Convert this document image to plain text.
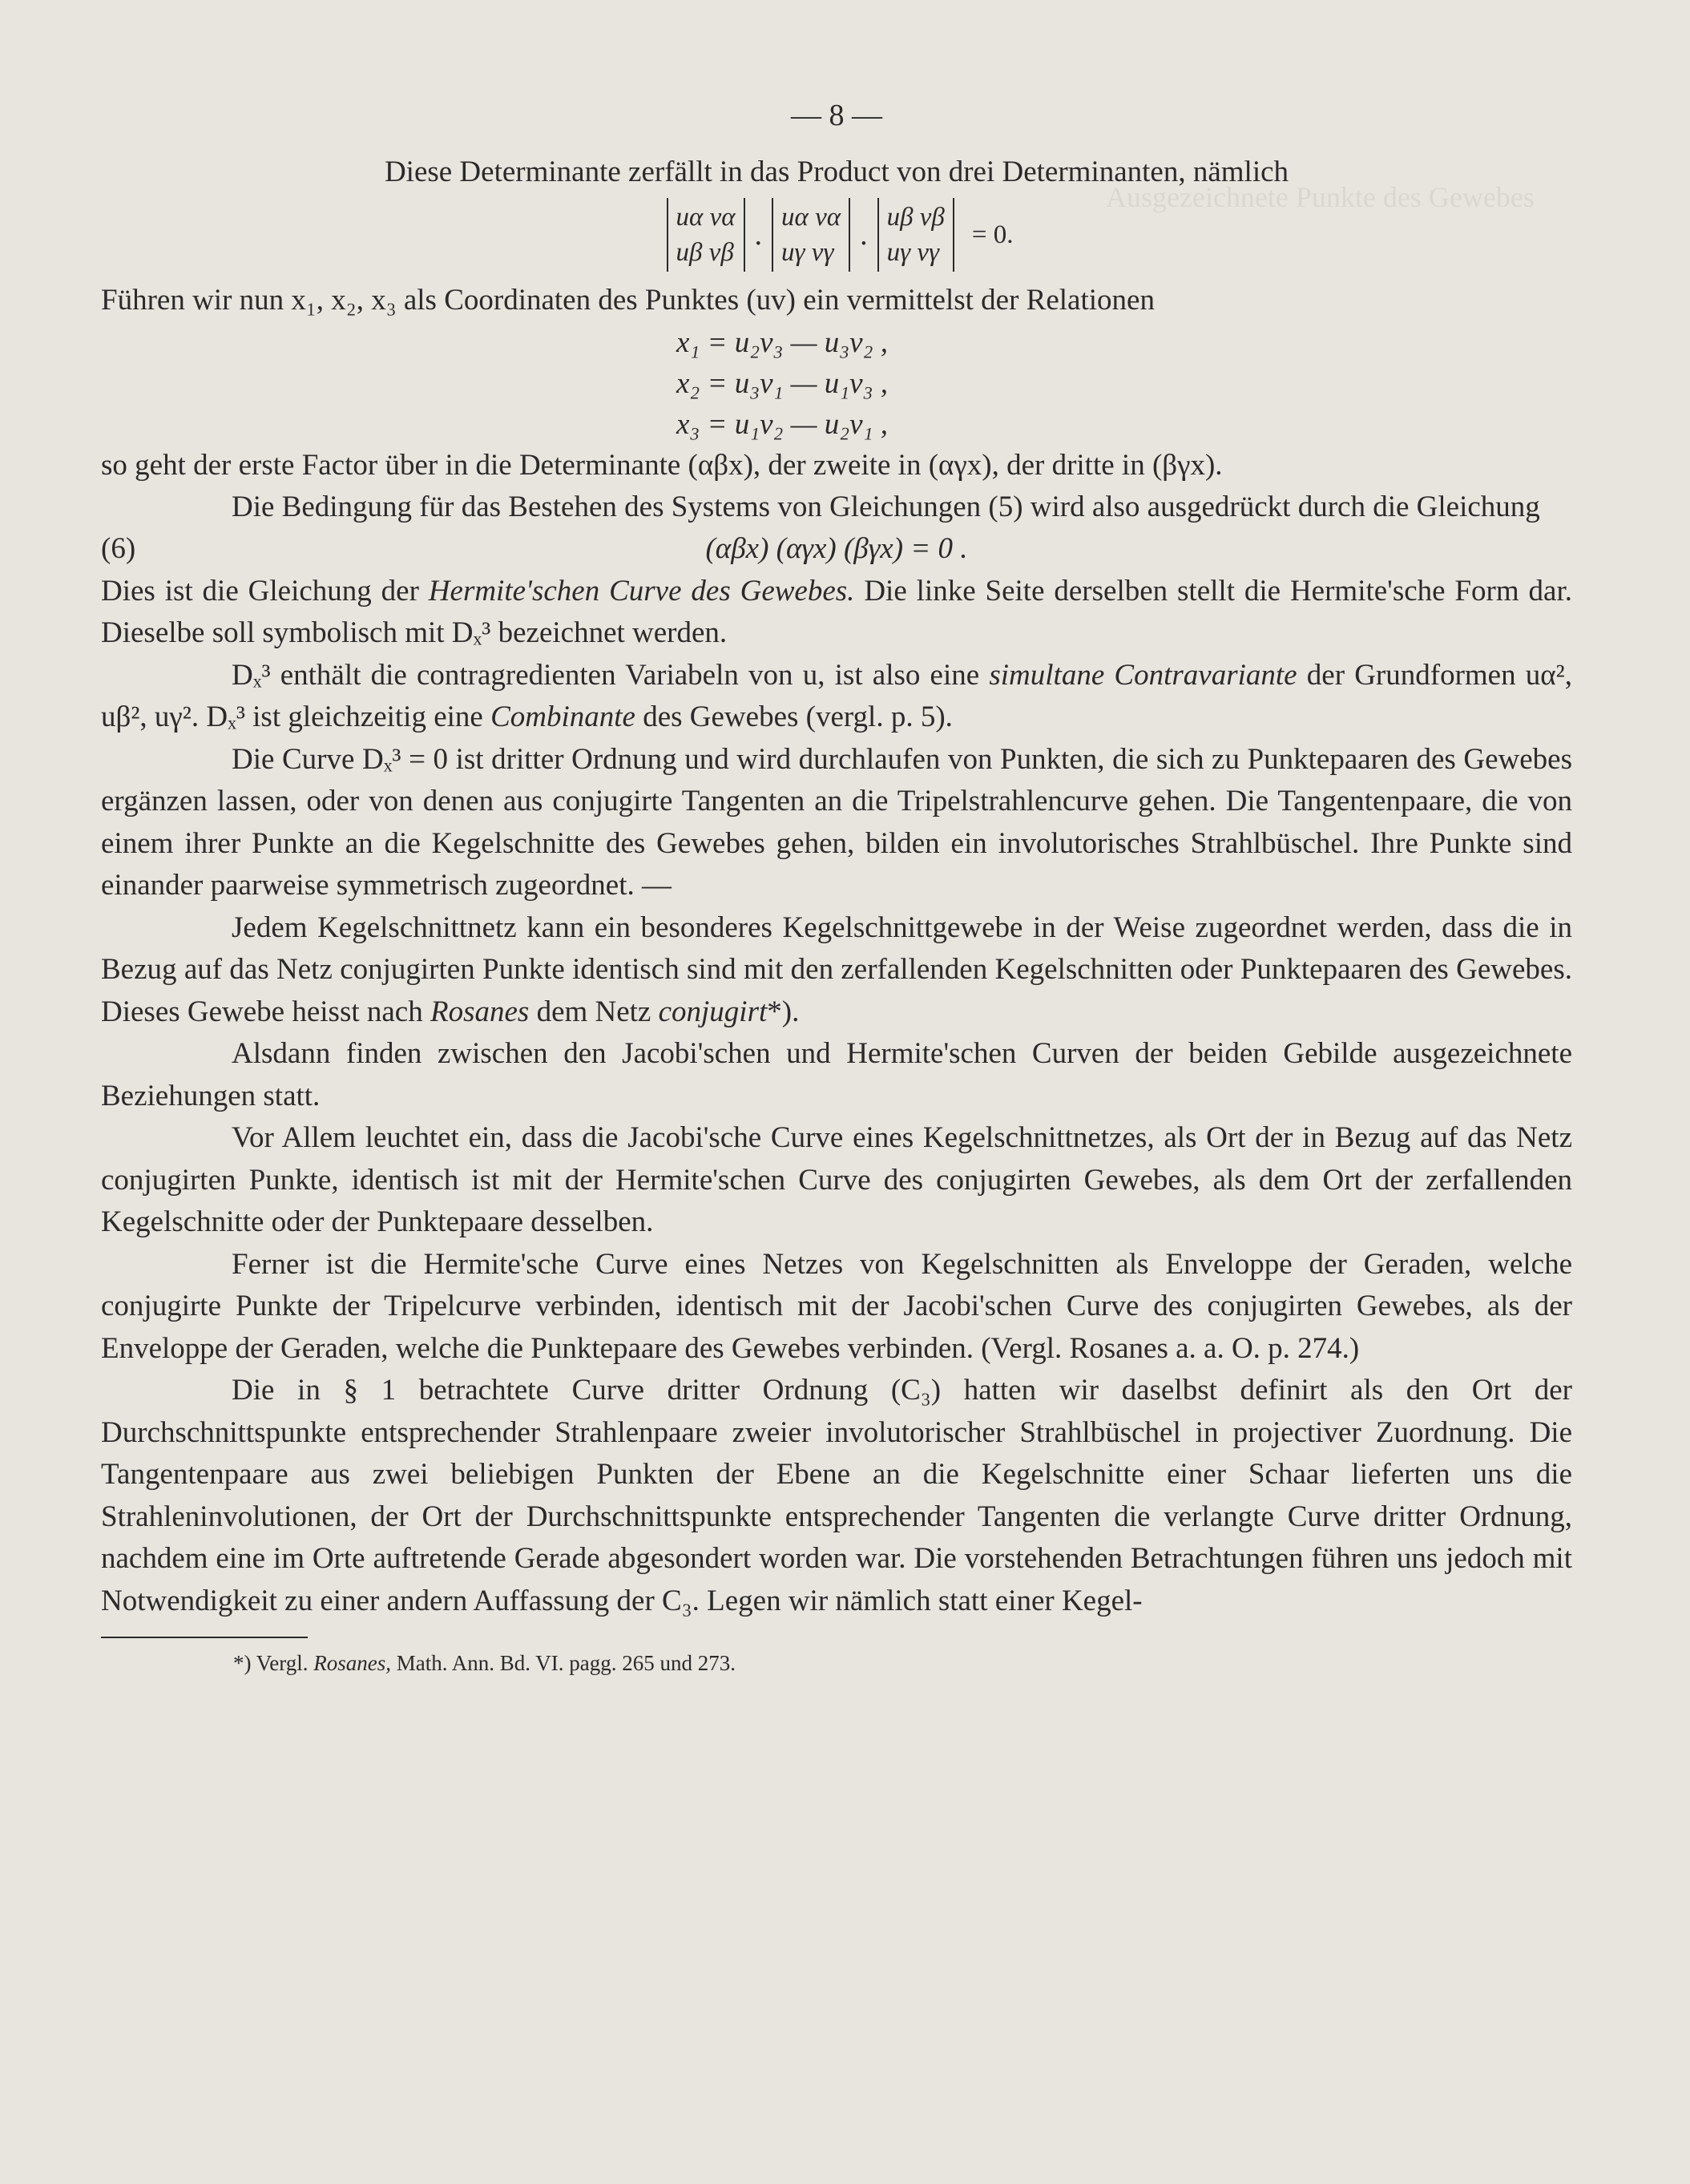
Ausgezeichnete Punkte des Gewebes
— 8 —

Diese Determinante zerfällt in das Product von drei Determinanten, nämlich

uα vα
uβ vβ
.
uα vα
uγ vγ
.
uβ vβ
uγ vγ
= 0.

Führen wir nun x₁, x₂, x₃ als Coordinaten des Punktes (uv) ein vermittelst der Relationen

x₁ = u₂v₃ — u₃v₂ ,
x₂ = u₃v₁ — u₁v₃ ,
x₃ = u₁v₂ — u₂v₁ ,

so geht der erste Factor über in die Determinante (αβx), der zweite in (αγx), der dritte in (βγx).

Die Bedingung für das Bestehen des Systems von Gleichungen (5) wird also ausgedrückt durch die Gleichung

(6)	(αβx) (αγx) (βγx) = 0 .

Dies ist die Gleichung der Hermite'schen Curve des Gewebes. Die linke Seite derselben stellt die Hermite'sche Form dar. Dieselbe soll symbolisch mit Dₓ³ bezeichnet werden.

Dₓ³ enthält die contragredienten Variabeln von u, ist also eine simultane Contravariante der Grundformen uα², uβ², uγ². Dₓ³ ist gleichzeitig eine Combinante des Gewebes (vergl. p. 5).

Die Curve Dₓ³ = 0 ist dritter Ordnung und wird durchlaufen von Punkten, die sich zu Punktepaaren des Gewebes ergänzen lassen, oder von denen aus conjugirte Tangenten an die Tripelstrahlencurve gehen. Die Tangentenpaare, die von einem ihrer Punkte an die Kegelschnitte des Gewebes gehen, bilden ein involutorisches Strahlbüschel. Ihre Punkte sind einander paarweise symmetrisch zugeordnet. —

Jedem Kegelschnittnetz kann ein besonderes Kegelschnittgewebe in der Weise zugeordnet werden, dass die in Bezug auf das Netz conjugirten Punkte identisch sind mit den zerfallenden Kegelschnitten oder Punktepaaren des Gewebes. Dieses Gewebe heisst nach Rosanes dem Netz conjugirt*).

Alsdann finden zwischen den Jacobi'schen und Hermite'schen Curven der beiden Gebilde ausgezeichnete Beziehungen statt.

Vor Allem leuchtet ein, dass die Jacobi'sche Curve eines Kegelschnittnetzes, als Ort der in Bezug auf das Netz conjugirten Punkte, identisch ist mit der Hermite'schen Curve des conjugirten Gewebes, als dem Ort der zerfallenden Kegelschnitte oder der Punktepaare desselben.

Ferner ist die Hermite'sche Curve eines Netzes von Kegelschnitten als Enveloppe der Geraden, welche conjugirte Punkte der Tripelcurve verbinden, identisch mit der Jacobi'schen Curve des conjugirten Gewebes, als der Enveloppe der Geraden, welche die Punktepaare des Gewebes verbinden. (Vergl. Rosanes a. a. O. p. 274.)

Die in § 1 betrachtete Curve dritter Ordnung (C₃) hatten wir daselbst definirt als den Ort der Durchschnittspunkte entsprechender Strahlenpaare zweier involutorischer Strahlbüschel in projectiver Zuordnung. Die Tangentenpaare aus zwei beliebigen Punkten der Ebene an die Kegelschnitte einer Schaar lieferten uns die Strahleninvolutionen, der Ort der Durchschnittspunkte entsprechender Tangenten die verlangte Curve dritter Ordnung, nachdem eine im Orte auftretende Gerade abgesondert worden war. Die vorstehenden Betrachtungen führen uns jedoch mit Notwendigkeit zu einer andern Auffassung der C₃. Legen wir nämlich statt einer Kegel-

*) Vergl. Rosanes, Math. Ann. Bd. VI. pagg. 265 und 273.
